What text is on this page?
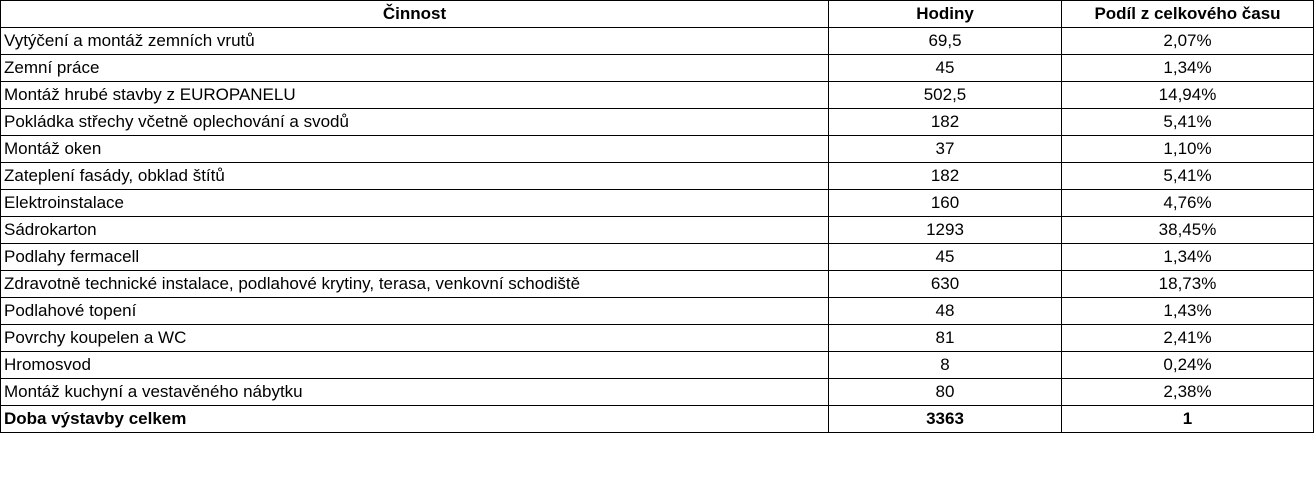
Činnost	Hodiny	Podíl z celkového času
Vytýčení a montáž zemních vrutů	69,5	2,07%
Zemní práce	45	1,34%
Montáž hrubé stavby z EUROPANELU	502,5	14,94%
Pokládka střechy včetně oplechování a svodů	182	5,41%
Montáž oken	37	1,10%
Zateplení fasády, obklad štítů	182	5,41%
Elektroinstalace	160	4,76%
Sádrokarton	1293	38,45%
Podlahy fermacell	45	1,34%
Zdravotně technické instalace, podlahové krytiny, terasa, venkovní schodiště	630	18,73%
Podlahové topení	48	1,43%
Povrchy koupelen a WC	81	2,41%
Hromosvod	8	0,24%
Montáž kuchyní a vestavěného nábytku	80	2,38%
Doba výstavby celkem	3363	1
